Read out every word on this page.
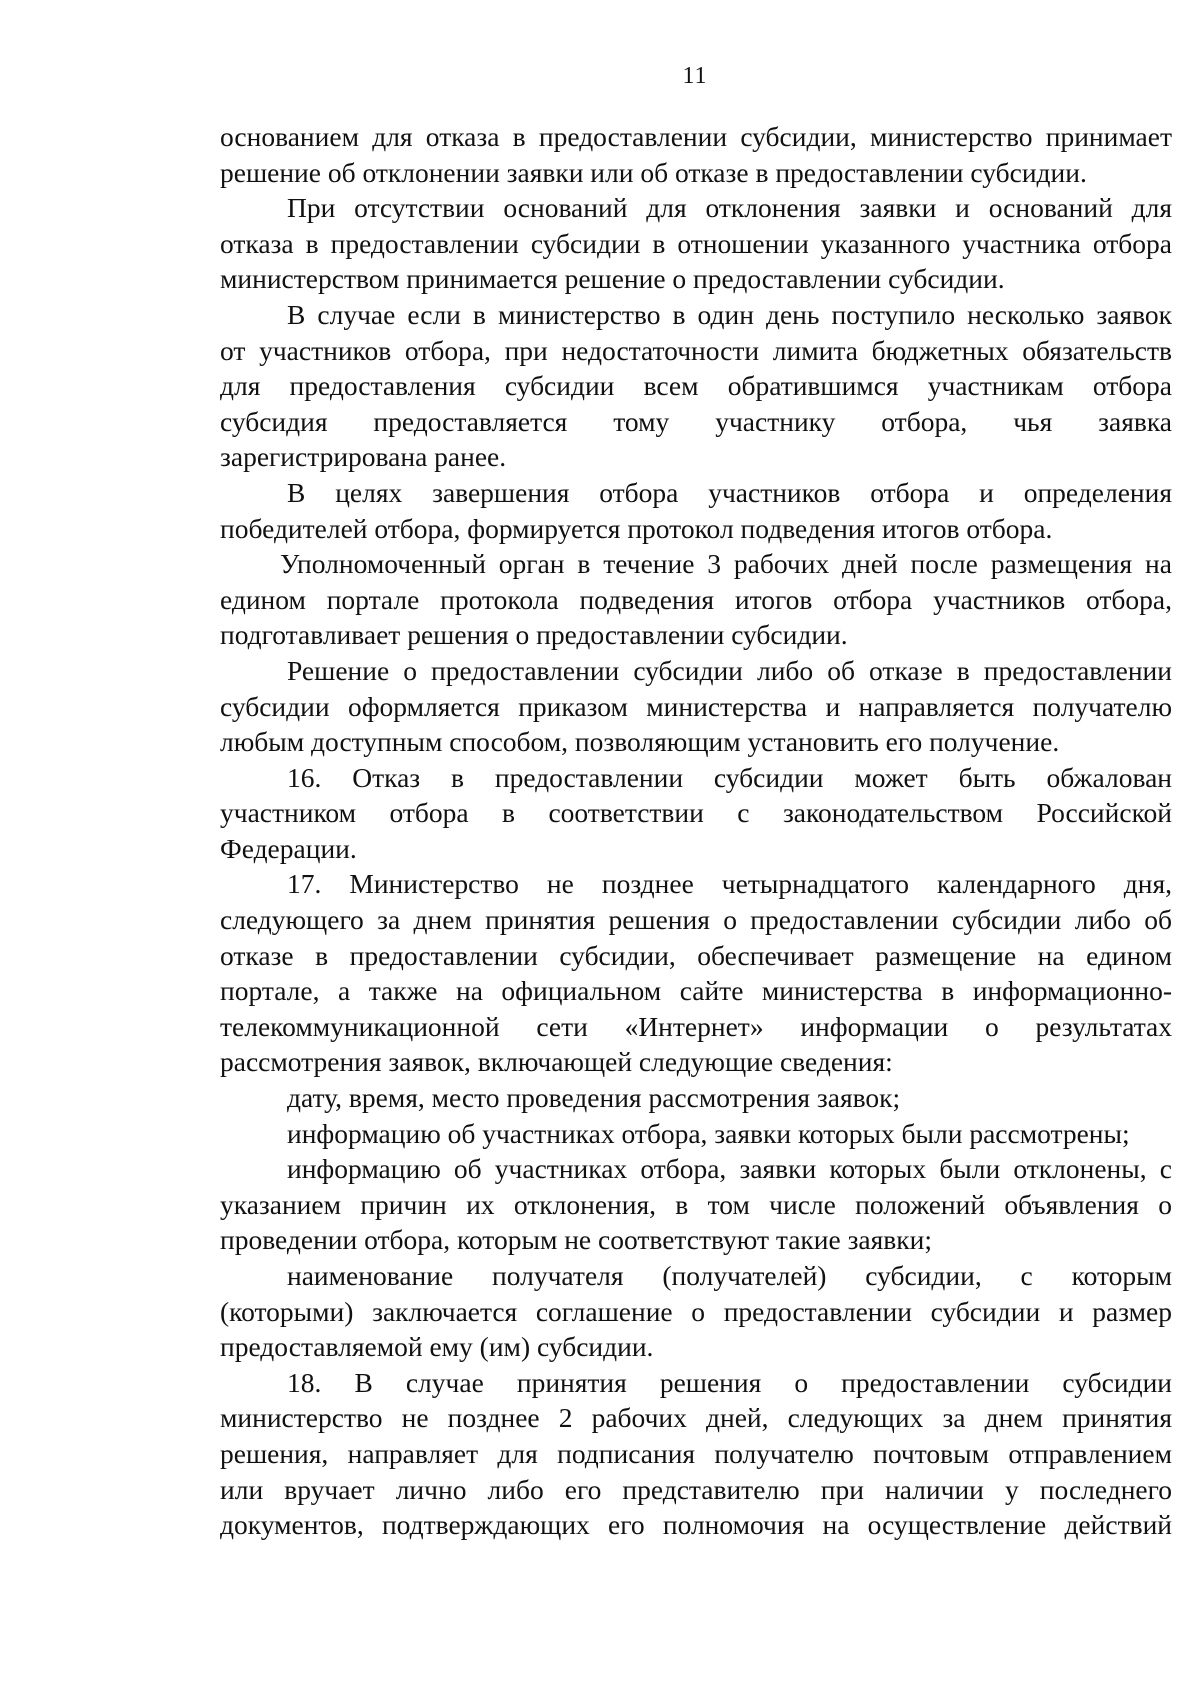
11
основанием для отказа в предоставлении субсидии, министерство принимает
решение об отклонении заявки или об отказе в предоставлении субсидии.
При отсутствии оснований для отклонения заявки и оснований для
отказа в предоставлении субсидии в отношении указанного участника отбора
министерством принимается решение о предоставлении субсидии.
В случае если в министерство в один день поступило несколько заявок
от участников отбора, при недостаточности лимита бюджетных обязательств
для предоставления субсидии всем обратившимся участникам отбора
субсидия предоставляется тому участнику отбора, чья заявка
зарегистрирована ранее.
В целях завершения отбора участников отбора и определения
победителей отбора, формируется протокол подведения итогов отбора.
Уполномоченный орган в течение 3 рабочих дней после размещения на
едином портале протокола подведения итогов отбора участников отбора,
подготавливает решения о предоставлении субсидии.
Решение о предоставлении субсидии либо об отказе в предоставлении
субсидии оформляется приказом министерства и направляется получателю
любым доступным способом, позволяющим установить его получение.
16. Отказ в предоставлении субсидии может быть обжалован
участником отбора в соответствии с законодательством Российской
Федерации.
17. Министерство не позднее четырнадцатого календарного дня,
следующего за днем принятия решения о предоставлении субсидии либо об
отказе в предоставлении субсидии, обеспечивает размещение на едином
портале, а также на официальном сайте министерства в информационно-
телекоммуникационной сети «Интернет» информации о результатах
рассмотрения заявок, включающей следующие сведения:
дату, время, место проведения рассмотрения заявок;
информацию об участниках отбора, заявки которых были рассмотрены;
информацию об участниках отбора, заявки которых были отклонены, с
указанием причин их отклонения, в том числе положений объявления о
проведении отбора, которым не соответствуют такие заявки;
наименование получателя (получателей) субсидии, с которым
(которыми) заключается соглашение о предоставлении субсидии и размер
предоставляемой ему (им) субсидии.
18. В случае принятия решения о предоставлении субсидии
министерство не позднее 2 рабочих дней, следующих за днем принятия
решения, направляет для подписания получателю почтовым отправлением
или вручает лично либо его представителю при наличии у последнего
документов, подтверждающих его полномочия на осуществление действий
